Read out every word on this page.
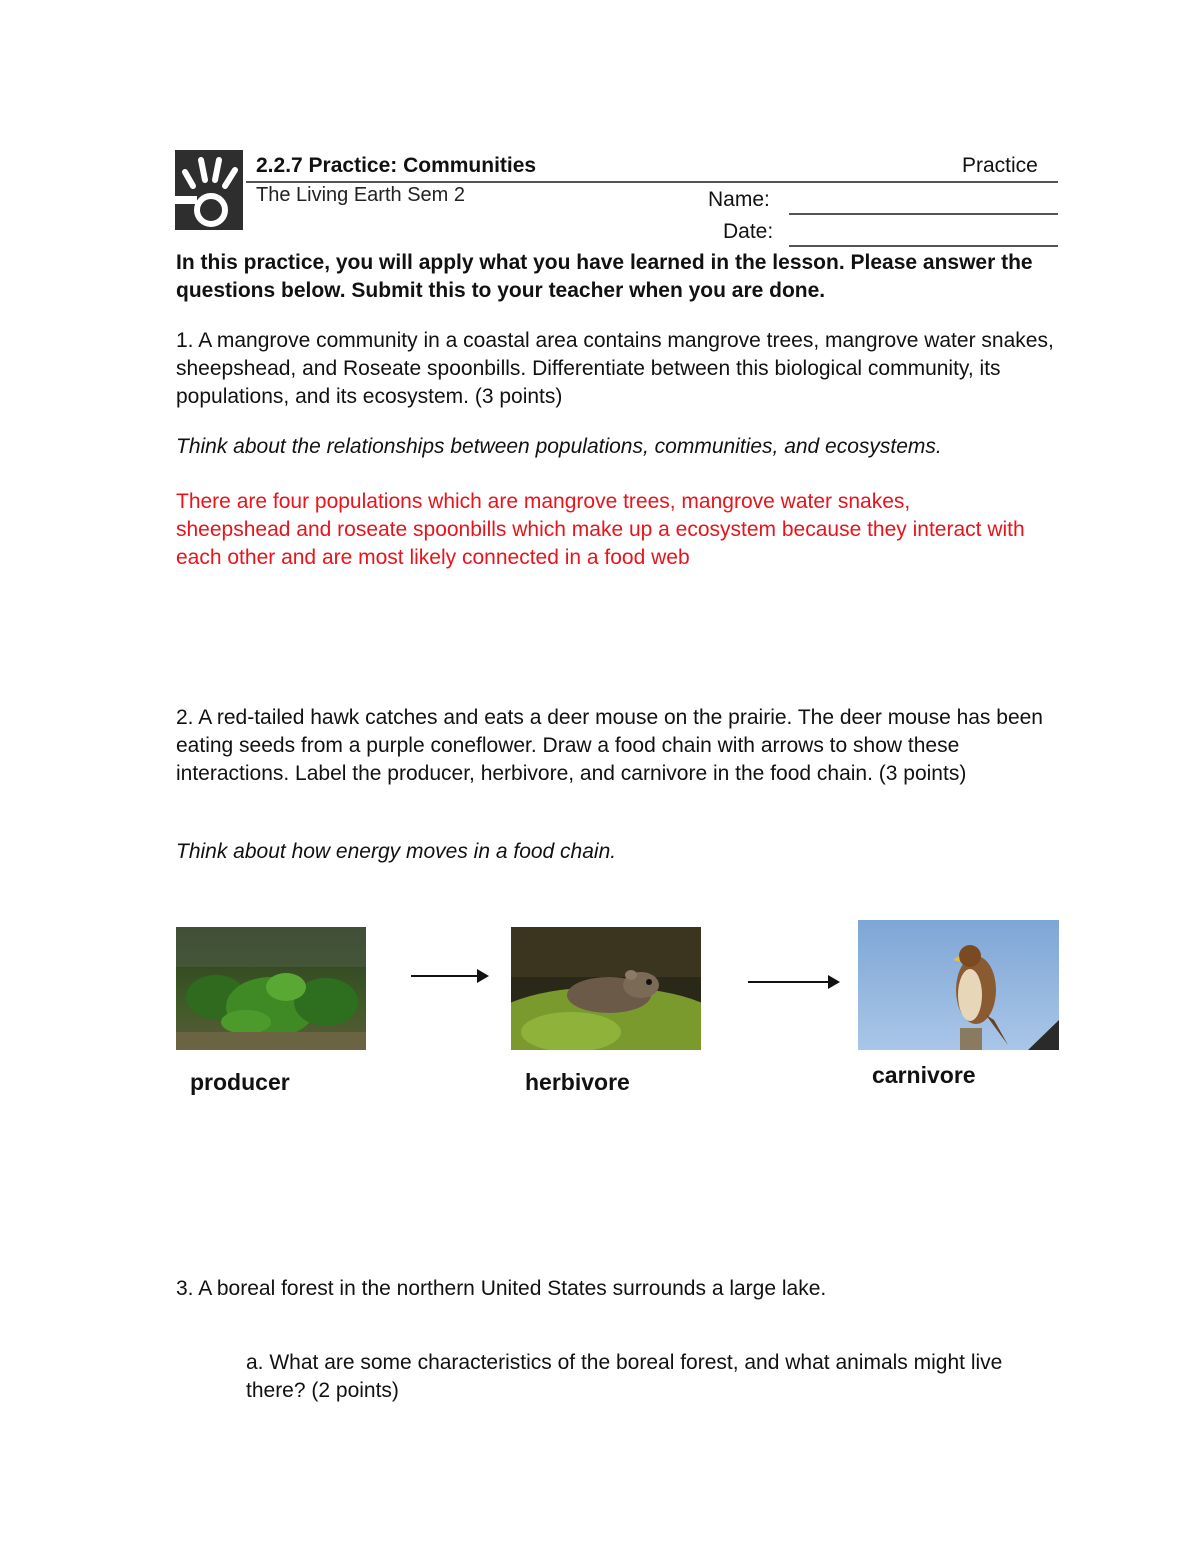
2.2.7 Practice: Communities	Practice
The Living Earth Sem 2	Name:
Date:
In this practice, you will apply what you have learned in the lesson. Please answer the questions below. Submit this to your teacher when you are done.
1. A mangrove community in a coastal area contains mangrove trees, mangrove water snakes, sheepshead, and Roseate spoonbills. Differentiate between this biological community, its populations, and its ecosystem. (3 points)
Think about the relationships between populations, communities, and ecosystems.
There are four populations which are mangrove trees, mangrove water snakes, sheepshead and roseate spoonbills which make up a ecosystem because they interact with each other and are most likely connected in a food web
2. A red-tailed hawk catches and eats a deer mouse on the prairie. The deer mouse has been eating seeds from a purple coneflower. Draw a food chain with arrows to show these interactions. Label the producer, herbivore, and carnivore in the food chain. (3 points)
Think about how energy moves in a food chain.
producer	herbivore	carnivore
3. A boreal forest in the northern United States surrounds a large lake.
a. What are some characteristics of the boreal forest, and what animals might live there? (2 points)
